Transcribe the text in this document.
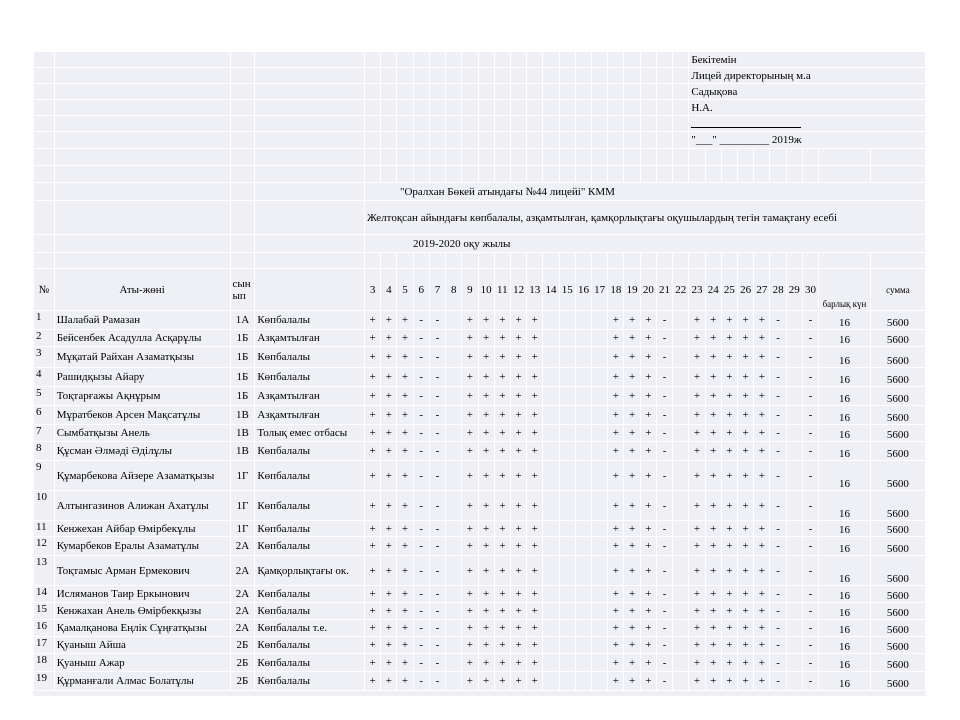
																								Бекітемін									
																								Лицей директорының м.а									
																								Садықова									
																								Н.А.									

																								"___" _________ 2019ж									

				"Оралхан Бөкей атындағы №44 лицейі" КММ																													
				Желтоқсан айындағы көпбалалы, азқамтылған, қамқорлықтағы оқушылардың тегін тамақтану есебі																													
				2019-2020 оқу жылы																													

№	Аты-жөні	сын ып		3	4	5	6	7	8	9	10	11	12	13	14	15	16	17	18	19	20	21	22	23	24	25	26	27	28	29	30	барлық күн	сумма
1	Шалабай Рамазан	1А	Көпбалалы	+	+	+	-	-		+	+	+	+	+					+	+	+	-		+	+	+	+	+	-		-	16	5600
2	Бейсенбек Асадулла Асқарұлы	1Б	Азқамтылған	+	+	+	-	-		+	+	+	+	+					+	+	+	-		+	+	+	+	+	-		-	16	5600
3	Мұқатай Райхан Азаматқызы	1Б	Көпбалалы	+	+	+	-	-		+	+	+	+	+					+	+	+	-		+	+	+	+	+	-		-	16	5600
4	Рашидқызы Айару	1Б	Көпбалалы	+	+	+	-	-		+	+	+	+	+					+	+	+	-		+	+	+	+	+	-		-	16	5600
5	Тоқтарғажы Ақнұрым	1Б	Азқамтылған	+	+	+	-	-		+	+	+	+	+					+	+	+	-		+	+	+	+	+	-		-	16	5600
6	Мұратбеков Арсен Мақсатұлы	1В	Азқамтылған	+	+	+	-	-		+	+	+	+	+					+	+	+	-		+	+	+	+	+	-		-	16	5600
7	Сымбатқызы Анель	1В	Толық емес отбасы	+	+	+	-	-		+	+	+	+	+					+	+	+	-		+	+	+	+	+	-		-	16	5600
8	Құсман Әлмәді Әділұлы	1В	Көпбалалы	+	+	+	-	-		+	+	+	+	+					+	+	+	-		+	+	+	+	+	-		-	16	5600
9	Құмарбекова Айзере Азаматқызы	1Г	Көпбалалы	+	+	+	-	-		+	+	+	+	+					+	+	+	-		+	+	+	+	+	-		-	16	5600
10	Алтынгазинов Алижан Ахатұлы	1Г	Көпбалалы	+	+	+	-	-		+	+	+	+	+					+	+	+	-		+	+	+	+	+	-		-	16	5600
11	Кенжехан Айбар Өмірбекұлы	1Г	Көпбалалы	+	+	+	-	-		+	+	+	+	+					+	+	+	-		+	+	+	+	+	-		-	16	5600
12	Кумарбеков Ералы Азаматұлы	2А	Көпбалалы	+	+	+	-	-		+	+	+	+	+					+	+	+	-		+	+	+	+	+	-		-	16	5600
13	Тоқтамыс Арман Ермекович	2А	Қамқорлықтағы ок.	+	+	+	-	-		+	+	+	+	+					+	+	+	-		+	+	+	+	+	-		-	16	5600
14	Исляманов Таир Еркынович	2А	Көпбалалы	+	+	+	-	-		+	+	+	+	+					+	+	+	-		+	+	+	+	+	-		-	16	5600
15	Кенжахан Анель Өмірбекқызы	2А	Көпбалалы	+	+	+	-	-		+	+	+	+	+					+	+	+	-		+	+	+	+	+	-		-	16	5600
16	Қамалқанова Еңлік Сұңғатқызы	2А	Көпбалалы т.е.	+	+	+	-	-		+	+	+	+	+					+	+	+	-		+	+	+	+	+	-		-	16	5600
17	Қуаныш Айша	2Б	Көпбалалы	+	+	+	-	-		+	+	+	+	+					+	+	+	-		+	+	+	+	+	-		-	16	5600
18	Қуаныш Ажар	2Б	Көпбалалы	+	+	+	-	-		+	+	+	+	+					+	+	+	-		+	+	+	+	+	-		-	16	5600
19	Құрманғали Алмас Болатұлы	2Б	Көпбалалы	+	+	+	-	-		+	+	+	+	+					+	+	+	-		+	+	+	+	+	-		-	16	5600
